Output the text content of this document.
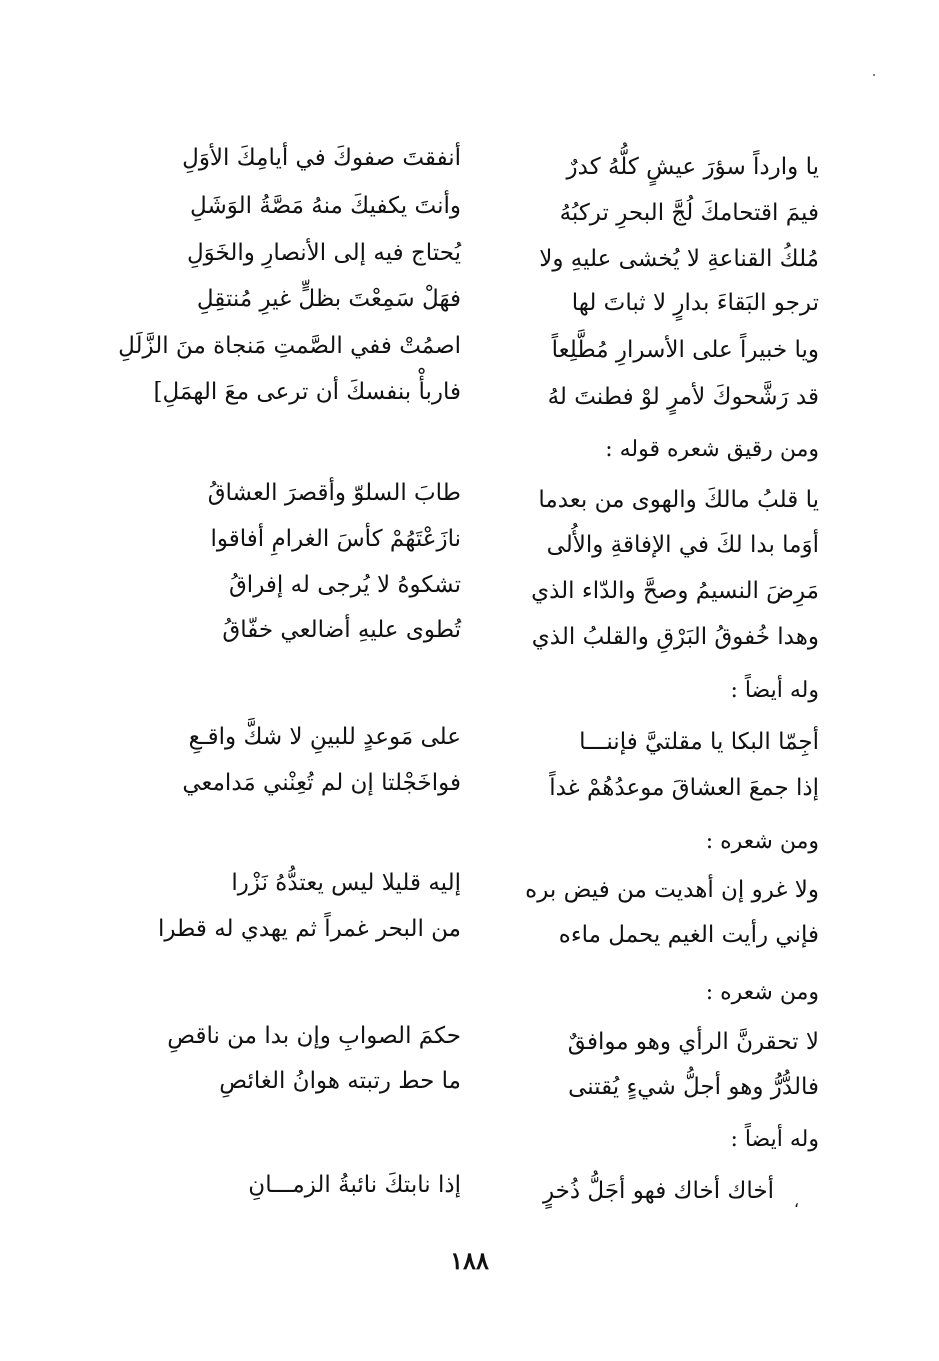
يا وارداً سؤرَ عيشٍ كلُّهُ كدرٌ
أنفقتَ صفوكَ في أيامِكَ الأوَلِ
فيمَ اقتحامكَ لُجَّ البحرِ تركبُهُ
وأنتَ يكفيكَ منهُ مَصَّةُ الوَشَلِ
مُلكُ القناعةِ لا يُخشى عليهِ ولا
يُحتاج فيه إلى الأنصارِ والخَوَلِ
ترجو البَقاءَ بدارٍ لا ثباتَ لها
فهَلْ سَمِعْتَ بظلٍّ غيرِ مُنتقِلِ
ويا خبيراً على الأسرارِ مُطَّلِعاً
اصمُتْ ففي الصَّمتِ مَنجاة منَ الزَّلَلِ
قد رَشَّحوكَ لأمرٍ لوْ فطنتَ لهُ
فاربأْ بنفسكَ أن ترعى معَ الهمَلِ]
ومن رقيق شعره قوله :
يا قلبُ مالكَ والهوى من بعدما
طابَ السلوّ وأقصرَ العشاقُ
أوَما بدا لكَ في الإفاقةِ والأُلى
نازَعْتَهُمْ كأسَ الغرامِ أفاقوا
مَرِضَ النسيمُ وصحَّ والدّاء الذي
تشكوهُ لا يُرجى له إفراقُ
وهدا خُفوقُ البَرْقِ والقلبُ الذي
تُطوى عليهِ أضالعي خفّاقُ
وله أيضاً :
أجِمّا البكا يا مقلتيَّ فإننـــا
على مَوعدٍ للبينِ لا شكَّ واقـعِ
إذا جمعَ العشاقَ موعدُهُمْ غداً
فواخَجْلتا إن لم تُعِنْني مَدامعي
ومن شعره :
ولا غرو إن أهديت من فيض بره
إليه قليلا ليس يعتدُّهُ نَزْرا
فإني رأيت الغيم يحمل ماءه
من البحر غمراً ثم يهدي له قطرا
ومن شعره :
لا تحقرنَّ الرأي وهو موافقٌ
حكمَ الصوابِ وإن بدا من ناقصِ
فالدُّرُّ وهو أجلُّ شيءٍ يُقتنى
ما حط رتبته هوانُ الغائصِ
وله أيضاً :
،
أخاك أخاك فهو أجَلُّ ذُخرٍ
إذا نابتكَ نائبةُ الزمـــانِ
١٨٨
